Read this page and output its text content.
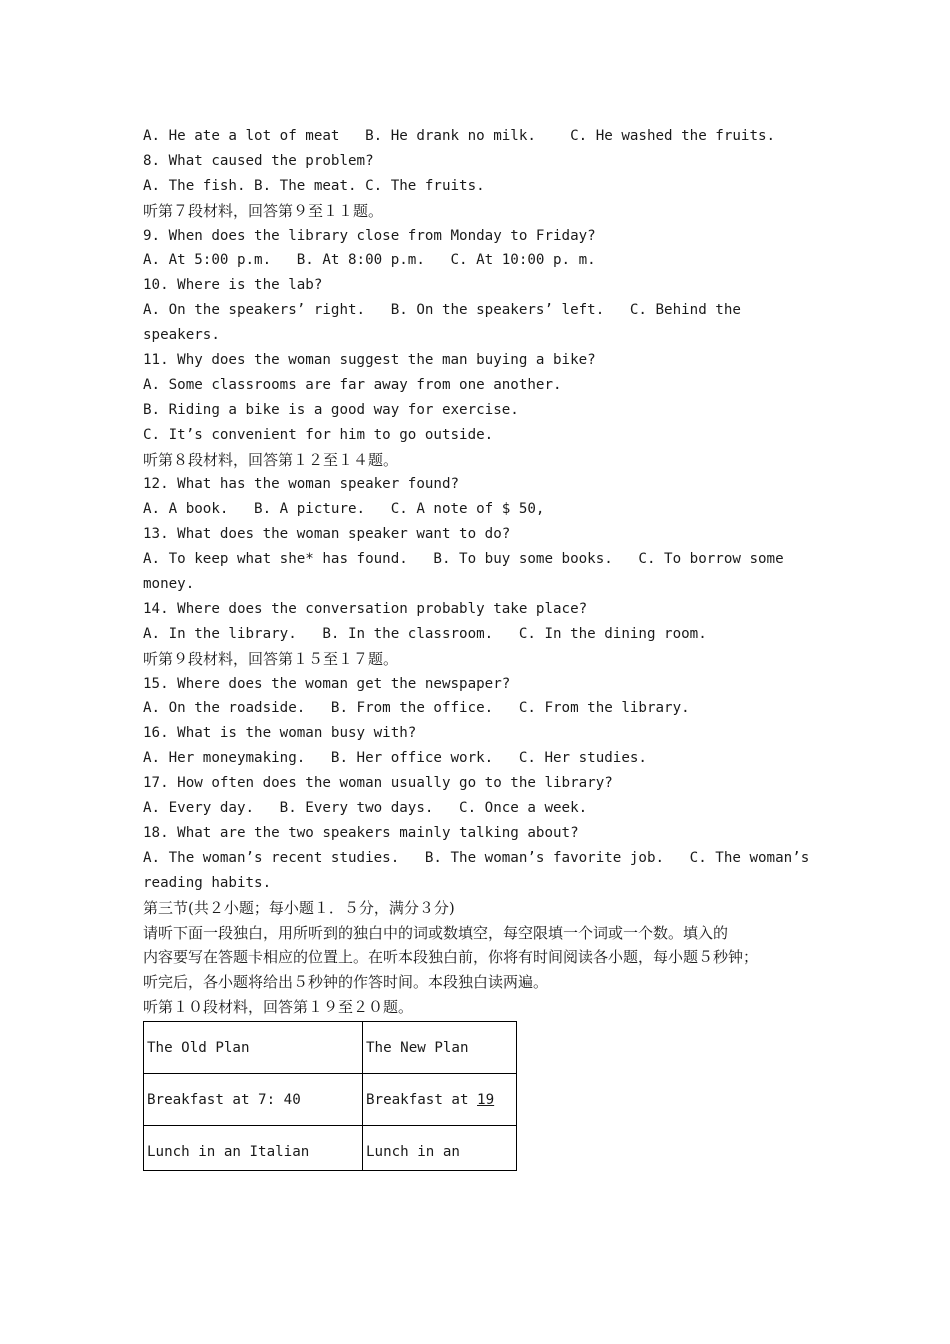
A. He ate a lot of meat   B. He drank no milk.    C. He washed the fruits.
8. What caused the problem?
A. The fish. B. The meat. C. The fruits.
听第７段材料，回答第９至１１题。
9. When does the library close from Monday to Friday?
A. At 5:00 p.m.   B. At 8:00 p.m.   C. At 10:00 p. m.
10. Where is the lab?
A. On the speakers’ right.   B. On the speakers’ left.   C. Behind the
speakers.
11. Why does the woman suggest the man buying a bike?
A. Some classrooms are far away from one another.
B. Riding a bike is a good way for exercise.
C. It’s convenient for him to go outside.
听第８段材料，回答第１２至１４题。
12. What has the woman speaker found?
A. A book.   B. A picture.   C. A note of $ 50,
13. What does the woman speaker want to do?
A. To keep what she* has found.   B. To buy some books.   C. To borrow some
money.
14. Where does the conversation probably take place?
A. In the library.   B. In the classroom.   C. In the dining room.
听第９段材料，回答第１５至１７题。
15. Where does the woman get the newspaper?
A. On the roadside.   B. From the office.   C. From the library.
16. What is the woman busy with?
A. Her moneymaking.   B. Her office work.   C. Her studies.
17. How often does the woman usually go to the library?
A. Every day.   B. Every two days.   C. Once a week.
18. What are the two speakers mainly talking about?
A. The woman’s recent studies.   B. The woman’s favorite job.   C. The woman’s
reading habits.
第三节(共２小题；每小题１．５分，满分３分)
请听下面一段独白，用所听到的独白中的词或数填空，每空限填一个词或一个数。填入的
内容要写在答题卡相应的位置上。在听本段独白前，你将有时间阅读各小题，每小题５秒钟；
听完后，各小题将给出５秒钟的作答时间。本段独白读两遍。
听第１０段材料，回答第１９至２０题。
The Old Plan	The New Plan
Breakfast at 7: 40	Breakfast at 19
Lunch in an Italian	Lunch in an
